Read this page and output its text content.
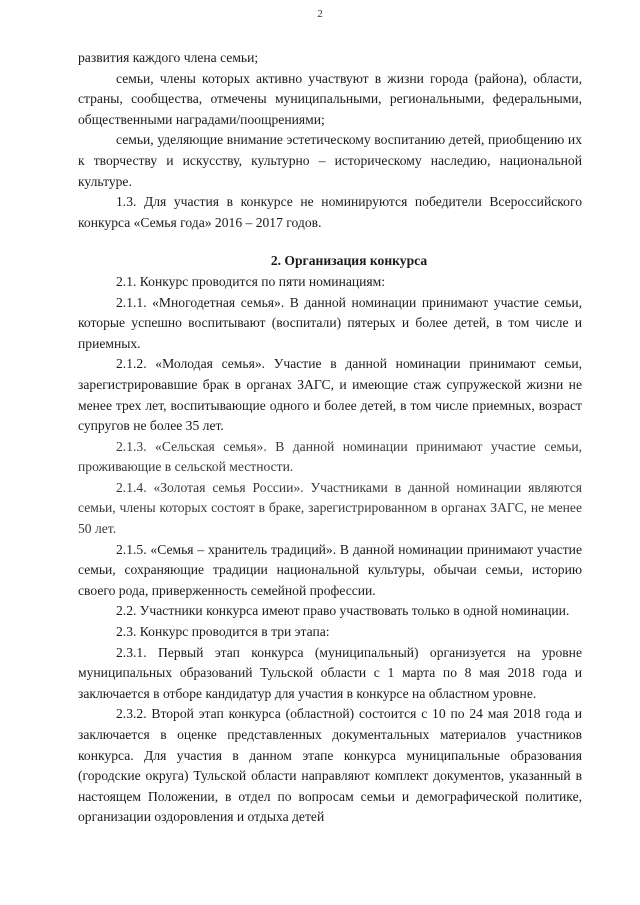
2

развития каждого члена семьи;

семьи, члены которых активно участвуют в жизни города (района), области, страны, сообщества, отмечены муниципальными, региональными, федеральными, общественными наградами/поощрениями;

семьи, уделяющие внимание эстетическому воспитанию детей, приобщению их к творчеству и искусству, культурно – историческому наследию, национальной культуре.

1.3. Для участия в конкурсе не номинируются победители Всероссийского конкурса «Семья года» 2016 – 2017 годов.

2. Организация конкурса

2.1. Конкурс проводится по пяти номинациям:

2.1.1. «Многодетная семья». В данной номинации принимают участие семьи, которые успешно воспитывают (воспитали) пятерых и более детей, в том числе и приемных.

2.1.2. «Молодая семья». Участие в данной номинации принимают семьи, зарегистрировавшие брак в органах ЗАГС, и имеющие стаж супружеской жизни не менее трех лет, воспитывающие одного и более детей, в том числе приемных, возраст супругов не более 35 лет.

2.1.3. «Сельская семья». В данной номинации принимают участие семьи, проживающие в сельской местности.

2.1.4. «Золотая семья России». Участниками в данной номинации являются семьи, члены которых состоят в браке, зарегистрированном в органах ЗАГС, не менее 50 лет.

2.1.5. «Семья – хранитель традиций». В данной номинации принимают участие семьи, сохраняющие традиции национальной культуры, обычаи семьи, историю своего рода, приверженность семейной профессии.

2.2. Участники конкурса имеют право участвовать только в одной номинации.

2.3. Конкурс проводится в три этапа:

2.3.1. Первый этап конкурса (муниципальный) организуется на уровне муниципальных образований Тульской области с 1 марта по 8 мая 2018 года и заключается в отборе кандидатур для участия в конкурсе на областном уровне.

2.3.2. Второй этап конкурса (областной) состоится с 10 по 24 мая 2018 года и заключается в оценке представленных документальных материалов участников конкурса. Для участия в данном этапе конкурса муниципальные образования (городские округа) Тульской области направляют комплект документов, указанный в настоящем Положении, в отдел по вопросам семьи и демографической политике, организации оздоровления и отдыха детей
